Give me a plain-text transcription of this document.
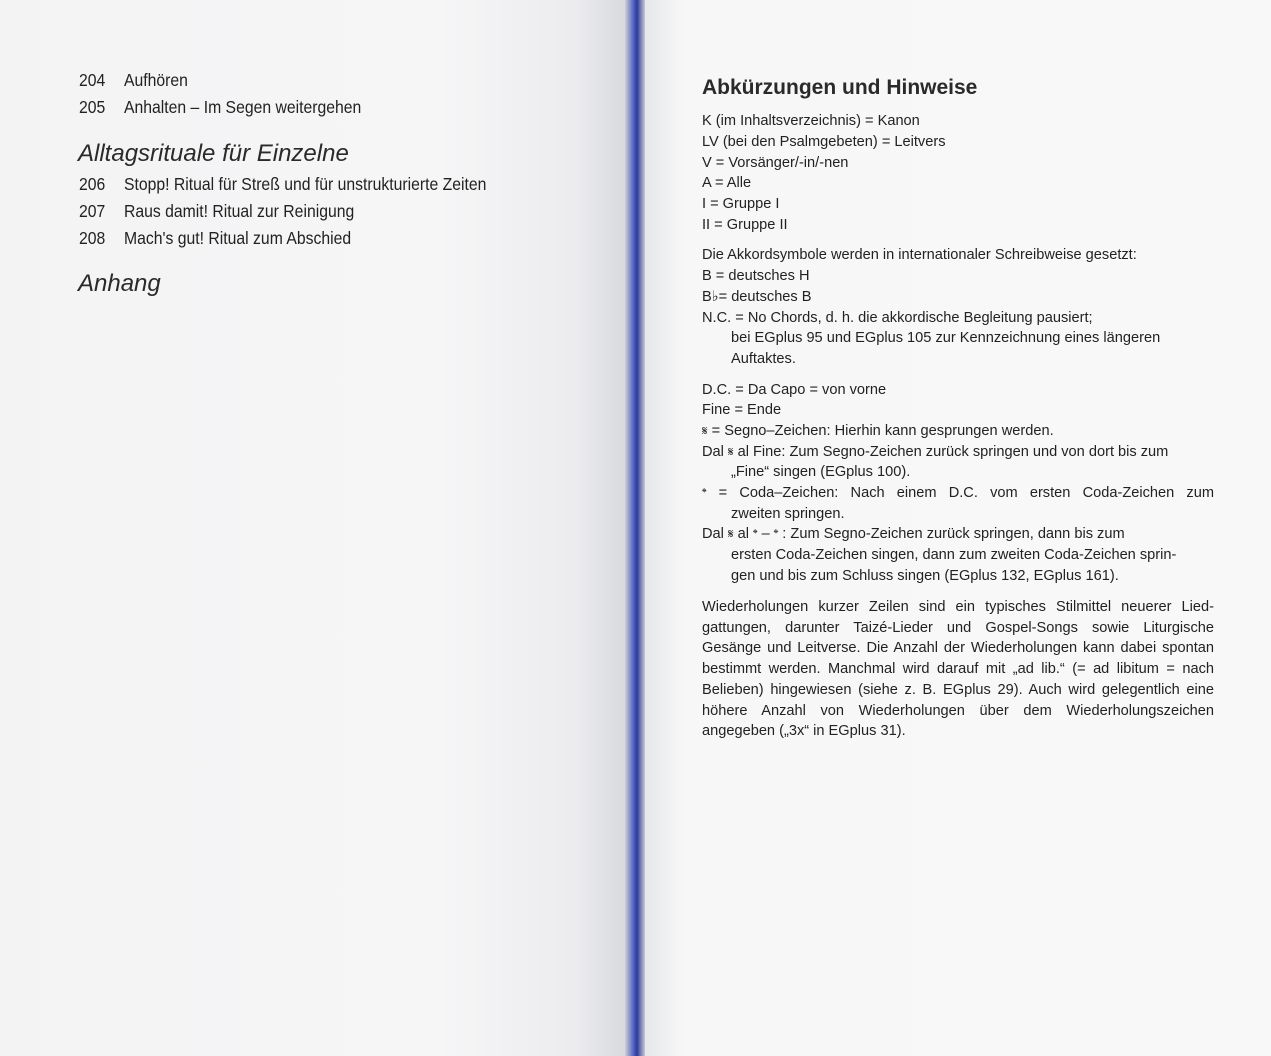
204 Aufhören
205 Anhalten – Im Segen weitergehen
Alltagsrituale für Einzelne
206 Stopp! Ritual für Streß und für unstrukturierte Zeiten
207 Raus damit! Ritual zur Reinigung
208 Mach's gut! Ritual zum Abschied
Anhang
Abkürzungen und Hinweise
K (im Inhaltsverzeichnis) = Kanon
LV (bei den Psalmgebeten) = Leitvers
V = Vorsänger/-in/-nen
A = Alle
I = Gruppe I
II = Gruppe II
Die Akkordsymbole werden in internationaler Schreibweise gesetzt:
B = deutsches H
B♭= deutsches B
N.C. = No Chords, d. h. die akkordische Begleitung pausiert;
bei EGplus 95 und EGplus 105 zur Kennzeichnung eines längeren
Auftaktes.
D.C. = Da Capo = von vorne
Fine = Ende
𝄋 = Segno–Zeichen: Hierhin kann gesprungen werden.
Dal 𝄋 al Fine: Zum Segno-Zeichen zurück springen und von dort bis zum
„Fine“ singen (EGplus 100).
𝄌 = Coda–Zeichen: Nach einem D.C. vom ersten Coda-Zeichen zum
zweiten springen.
Dal 𝄋 al 𝄌 – 𝄌 : Zum Segno-Zeichen zurück springen, dann bis zum
ersten Coda-Zeichen singen, dann zum zweiten Coda-Zeichen sprin-
gen und bis zum Schluss singen (EGplus 132, EGplus 161).
Wiederholungen kurzer Zeilen sind ein typisches Stilmittel neuerer Liedgattungen, darunter Taizé-Lieder und Gospel-Songs sowie Liturgische Gesänge und Leitverse. Die Anzahl der Wiederholungen kann dabei spontan bestimmt werden. Manchmal wird darauf mit „ad lib.“ (= ad libitum = nach Belieben) hingewiesen (siehe z. B. EGplus 29). Auch wird gelegentlich eine höhere Anzahl von Wiederholungen über dem Wiederholungszeichen angegeben („3x“ in EGplus 31).
